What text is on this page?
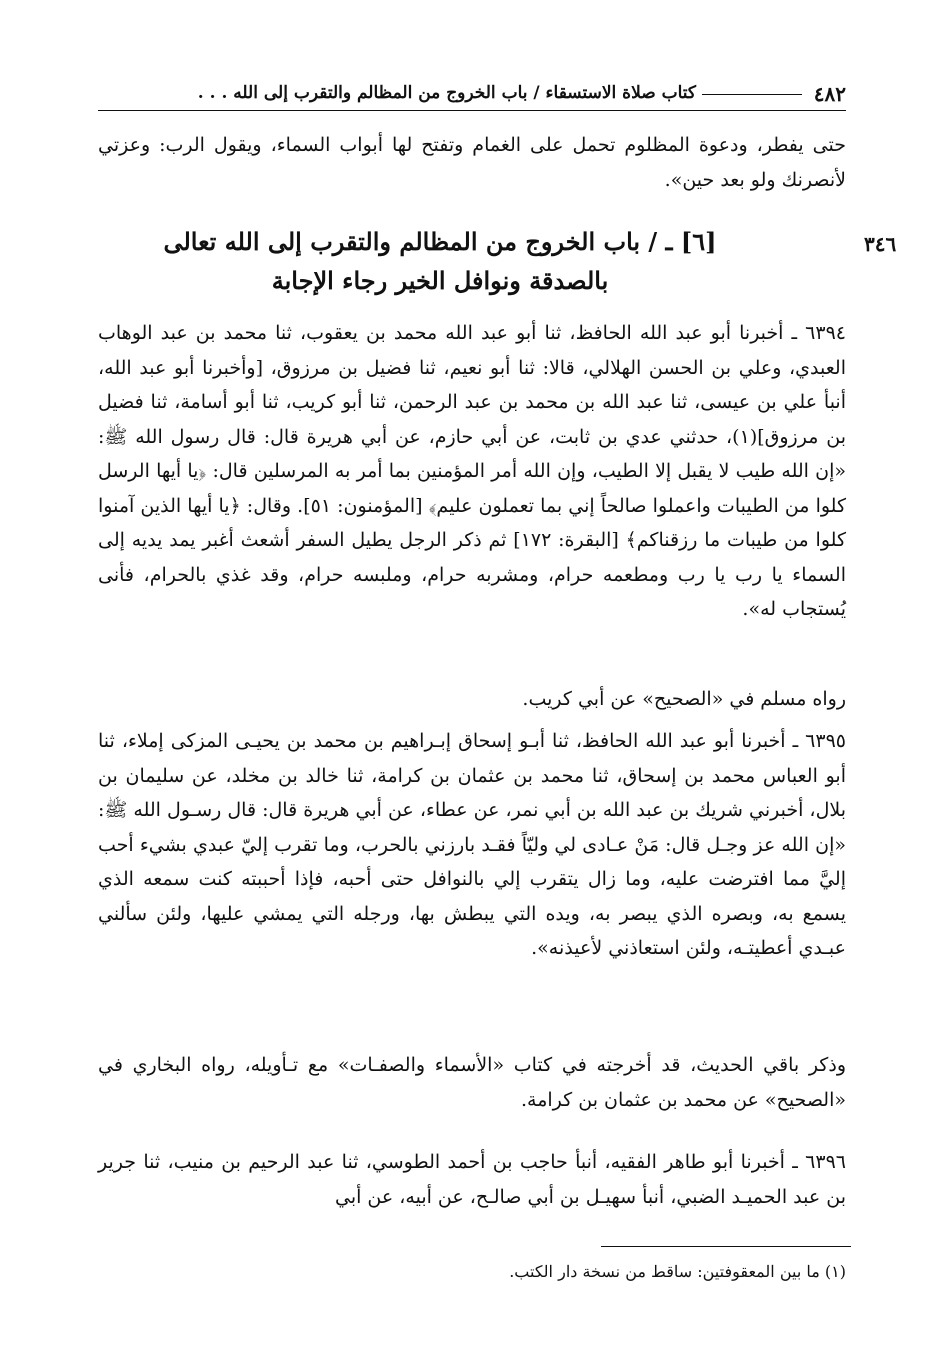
٤٨٢
كتاب صلاة الاستسقاء / باب الخروج من المظالم والتقرب إلى الله . . .

حتى يفطر، ودعوة المظلوم تحمل على الغمام وتفتح لها أبواب السماء، ويقول الرب: وعزتي لأنصرنك ولو بعد حين».

٣٤٦
[٦] ـ / باب الخروج من المظالم والتقرب إلى الله تعالى
بالصدقة ونوافل الخير رجاء الإجابة

٦٣٩٤ ـ أخبرنا أبو عبد الله الحافظ، ثنا أبو عبد الله محمد بن يعقوب، ثنا محمد بن عبد الوهاب العبدي، وعلي بن الحسن الهلالي، قالا: ثنا أبو نعيم، ثنا فضيل بن مرزوق، [وأخبرنا أبو عبد الله، أنبأ علي بن عيسى، ثنا عبد الله بن محمد بن عبد الرحمن، ثنا أبو كريب، ثنا أبو أسامة، ثنا فضيل بن مرزوق](١)، حدثني عدي بن ثابت، عن أبي حازم، عن أبي هريرة قال: قال رسول الله ﷺ: «إن الله طيب لا يقبل إلا الطيب، وإن الله أمر المؤمنين بما أمر به المرسلين قال: ﴿يا أيها الرسل كلوا من الطيبات واعملوا صالحاً إني بما تعملون عليم﴾ [المؤمنون: ٥١]. وقال: ﴿يا أيها الذين آمنوا كلوا من طيبات ما رزقناكم﴾ [البقرة: ١٧٢] ثم ذكر الرجل يطيل السفر أشعث أغبر يمد يديه إلى السماء يا رب يا رب ومطعمه حرام، ومشربه حرام، وملبسه حرام، وقد غذي بالحرام، فأنى يُستجاب له».

رواه مسلم في «الصحيح» عن أبي كريب.

٦٣٩٥ ـ أخبرنا أبو عبد الله الحافظ، ثنا أبـو إسحاق إبـراهيم بن محمد بن يحيـى المزكى إملاء، ثنا أبو العباس محمد بن إسحاق، ثنا محمد بن عثمان بن كرامة، ثنا خالد بن مخلد، عن سليمان بن بلال، أخبرني شريك بن عبد الله بن أبي نمر، عن عطاء، عن أبي هريرة قال: قال رسـول الله ﷺ: «إن الله عز وجـل قال: مَنْ عـادى لي وليّاً فقـد بارزني بالحرب، وما تقرب إليّ عبدي بشيء أحب إليَّ مما افترضت عليه، وما زال يتقرب إلي بالنوافل حتى أحبه، فإذا أحببته كنت سمعه الذي يسمع به، وبصره الذي يبصر به، ويده التي يبطش بها، ورجله التي يمشي عليها، ولئن سألني عبـدي أعطيتـه، ولئن استعاذني لأعيذنه».

وذكر باقي الحديث، قد أخرجته في كتاب «الأسماء والصفـات» مع تـأويله، رواه البخاري في «الصحيح» عن محمد بن عثمان بن كرامة.

٦٣٩٦ ـ أخبرنا أبو طاهر الفقيه، أنبأ حاجب بن أحمد الطوسي، ثنا عبد الرحيم بن منيب، ثنا جرير بن عبد الحميـد الضبي، أنبأ سهيـل بن أبي صالـح، عن أبيه، عن أبي

(١) ما بين المعقوفتين: ساقط من نسخة دار الكتب.
